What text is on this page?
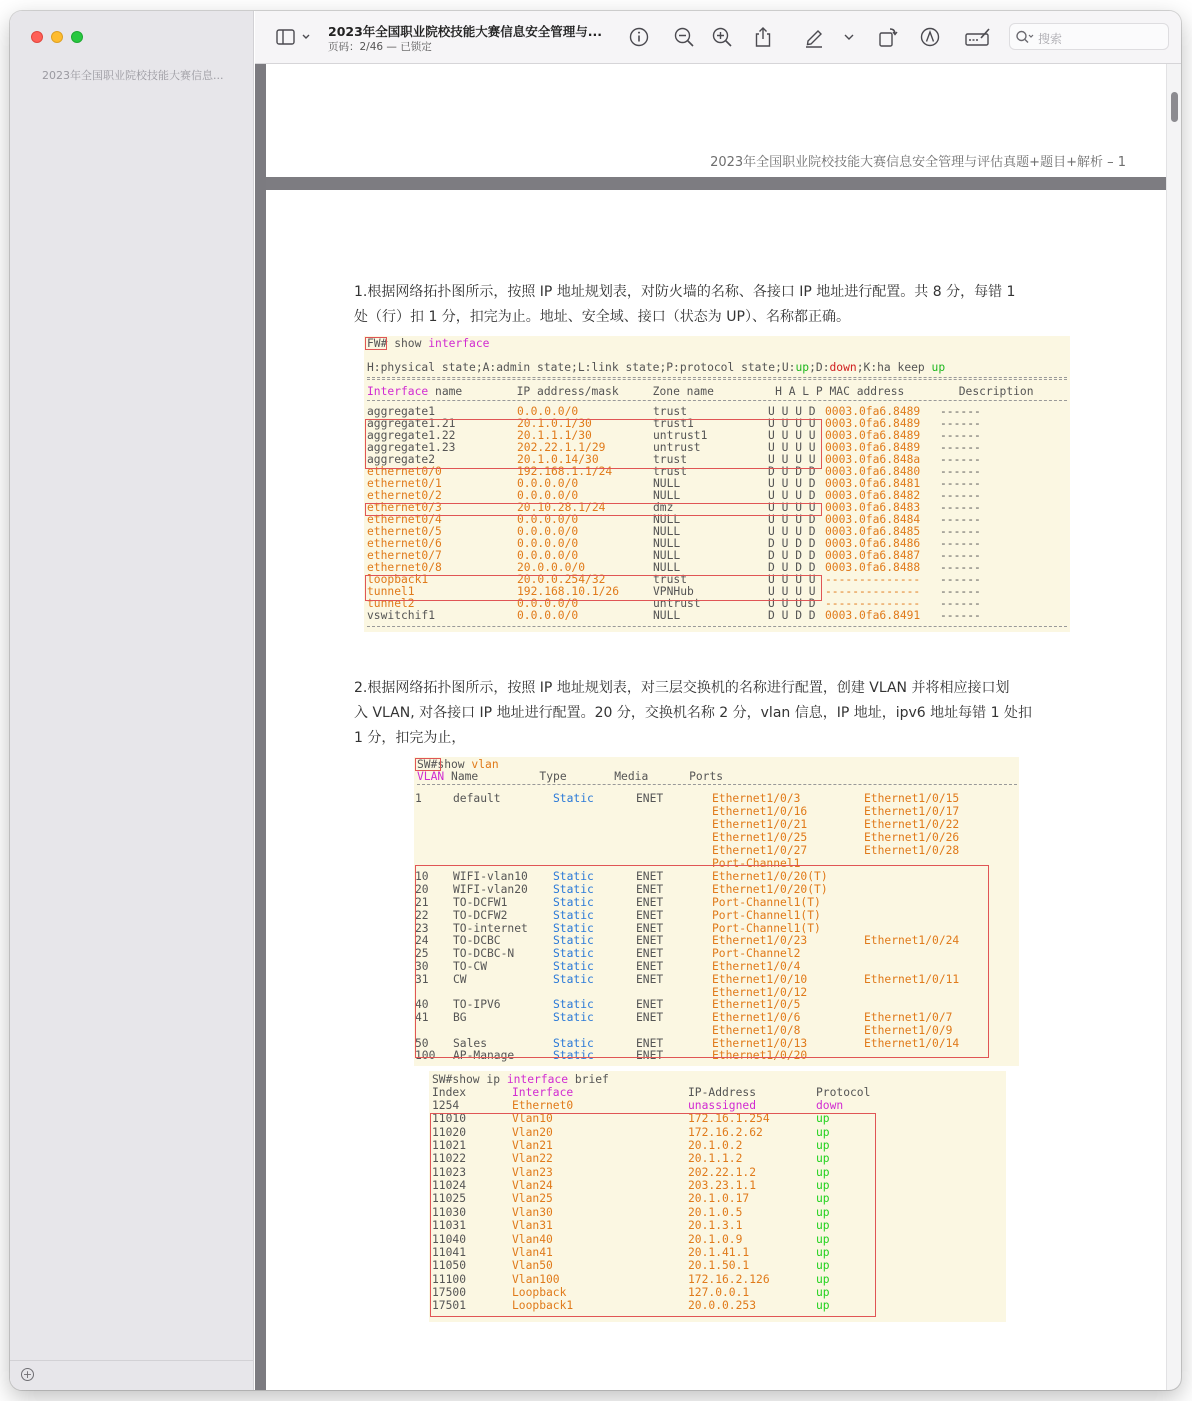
2023年全国职业院校技能大赛信息...
+
2023年全国职业院校技能大赛信息安全管理与...
页码：2/46 — 已锁定
搜索
2023年全国职业院校技能大赛信息安全管理与评估真题+题目+解析 – 1
1.根据网络拓扑图所示，按照 IP 地址规划表，对防火墙的名称、各接口 IP 地址进行配置。共 8 分，每错 1
处（行）扣 1 分，扣完为止。地址、安全域、接口（状态为 UP）、名称都正确。
FW# show interface
H:physical state;A:admin state;L:link state;P:protocol state;U:up;D:down;K:ha keep up
Interface name        IP address/mask     Zone name         H A L P MAC address        Description
aggregate1	0.0.0.0/0	trust	U U U D 0003.0fa6.8489 ------
aggregate1.21	20.1.0.1/30	trust1	U U U U 0003.0fa6.8489 ------
aggregate1.22	20.1.1.1/30	untrust1	U U U U 0003.0fa6.8489 ------
aggregate1.23	202.22.1.1/29	untrust	U U U U 0003.0fa6.8489 ------
aggregate2	20.1.0.14/30	trust	U U U U 0003.0fa6.848a ------
ethernet0/0	192.168.1.1/24	trust	D U D D 0003.0fa6.8480 ------
ethernet0/1	0.0.0.0/0	NULL	U U U D 0003.0fa6.8481 ------
ethernet0/2	0.0.0.0/0	NULL	U U U D 0003.0fa6.8482 ------
ethernet0/3	20.10.28.1/24	dmz	U U U U 0003.0fa6.8483 ------
ethernet0/4	0.0.0.0/0	NULL	U U U D 0003.0fa6.8484 ------
ethernet0/5	0.0.0.0/0	NULL	U U U D 0003.0fa6.8485 ------
ethernet0/6	0.0.0.0/0	NULL	D U D D 0003.0fa6.8486 ------
ethernet0/7	0.0.0.0/0	NULL	D U D D 0003.0fa6.8487 ------
ethernet0/8	20.0.0.0/0	NULL	D U D D 0003.0fa6.8488 ------
loopback1	20.0.0.254/32	trust	U U U U -------------- ------
tunnel1	192.168.10.1/26	VPNHub	U U U U -------------- ------
tunnel2	0.0.0.0/0	untrust	U U U D -------------- ------
vswitchif1	0.0.0.0/0	NULL	D U D D 0003.0fa6.8491 ------
2.根据网络拓扑图所示，按照 IP 地址规划表，对三层交换机的名称进行配置，创建 VLAN 并将相应接口划
入 VLAN, 对各接口 IP 地址进行配置。20 分，交换机名称 2 分，vlan 信息，IP 地址，ipv6 地址每错 1 处扣
1 分，扣完为止，
SW#show vlan
VLAN Name         Type       Media      Ports
1	default	Static	ENET	Ethernet1/0/3	Ethernet1/0/15
Ethernet1/0/16	Ethernet1/0/17
Ethernet1/0/21	Ethernet1/0/22
Ethernet1/0/25	Ethernet1/0/26
Ethernet1/0/27	Ethernet1/0/28
Port-Channel1
10 WIFI-vlan10 Static	ENET	Ethernet1/0/20(T)
20 WIFI-vlan20 Static	ENET	Ethernet1/0/20(T)
21 TO-DCFW1	Static	ENET	Port-Channel1(T)
22 TO-DCFW2	Static	ENET	Port-Channel1(T)
23 TO-internet Static	ENET	Port-Channel1(T)
24 TO-DCBC	Static	ENET	Ethernet1/0/23	Ethernet1/0/24
25 TO-DCBC-N	Static	ENET	Port-Channel2
30 TO-CW	Static	ENET	Ethernet1/0/4
31 CW	Static	ENET	Ethernet1/0/10	Ethernet1/0/11
Ethernet1/0/12
40 TO-IPV6	Static	ENET	Ethernet1/0/5
41 BG	Static	ENET	Ethernet1/0/6	Ethernet1/0/7
Ethernet1/0/8	Ethernet1/0/9
50 Sales	Static	ENET	Ethernet1/0/13	Ethernet1/0/14
100 AP-Manage	Static	ENET	Ethernet1/0/20
SW#show ip interface brief
Index	Interface	IP-Address	Protocol
1254	Ethernet0	unassigned	down
11010	Vlan10	172.16.1.254	up
11020	Vlan20	172.16.2.62	up
11021	Vlan21	20.1.0.2	up
11022	Vlan22	20.1.1.2	up
11023	Vlan23	202.22.1.2	up
11024	Vlan24	203.23.1.1	up
11025	Vlan25	20.1.0.17	up
11030	Vlan30	20.1.0.5	up
11031	Vlan31	20.1.3.1	up
11040	Vlan40	20.1.0.9	up
11041	Vlan41	20.1.41.1	up
11050	Vlan50	20.1.50.1	up
11100	Vlan100	172.16.2.126	up
17500	Loopback	127.0.0.1	up
17501	Loopback1	20.0.0.253	up
